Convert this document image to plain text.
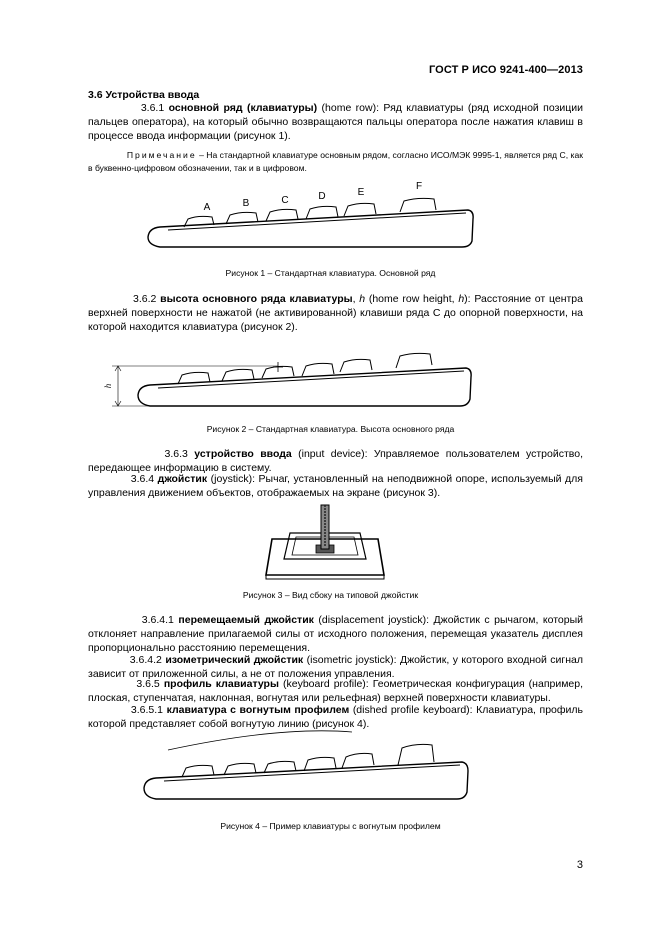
ГОСТ Р ИСО 9241-400—2013
3.6 Устройства ввода
3.6.1 основной ряд (клавиатуры) (home row): Ряд клавиатуры (ряд исходной позиции пальцев оператора), на который обычно возвращаются пальцы оператора после нажатия клавиш в процессе ввода информации (рисунок 1).
Примечание – На стандартной клавиатуре основным рядом, согласно ИСО/МЭК 9995-1, является ряд C, как в буквенно-цифровом обозначении, так и в цифровом.
A	B	C	D	E
F
Рисунок 1 – Стандартная клавиатура. Основной ряд
3.6.2 высота основного ряда клавиатуры, h (home row height, h): Расстояние от центра верхней поверхности не нажатой (не активированной) клавиши ряда C до опорной поверхности, на которой находится клавиатура (рисунок 2).
h
Рисунок 2 – Стандартная клавиатура. Высота основного ряда
3.6.3 устройство ввода (input device): Управляемое пользователем устройство, передающее информацию в систему.
3.6.4 джойстик (joystick): Рычаг, установленный на неподвижной опоре, используемый для управления движением объектов, отображаемых на экране (рисунок 3).
Рисунок 3 – Вид сбоку на типовой джойстик
3.6.4.1 перемещаемый джойстик (displacement joystick): Джойстик с рычагом, который отклоняет направление прилагаемой силы от исходного положения, перемещая указатель дисплея пропорционально расстоянию перемещения.
3.6.4.2 изометрический джойстик (isometric joystick): Джойстик, у которого входной сигнал зависит от приложенной силы, а не от положения управления.
3.6.5 профиль клавиатуры (keyboard profile): Геометрическая конфигурация (например, плоская, ступенчатая, наклонная, вогнутая или рельефная) верхней поверхности клавиатуры.
3.6.5.1 клавиатура с вогнутым профилем (dished profile keyboard): Клавиатура, профиль которой представляет собой вогнутую линию (рисунок 4).
Рисунок 4 – Пример клавиатуры с вогнутым профилем
3
